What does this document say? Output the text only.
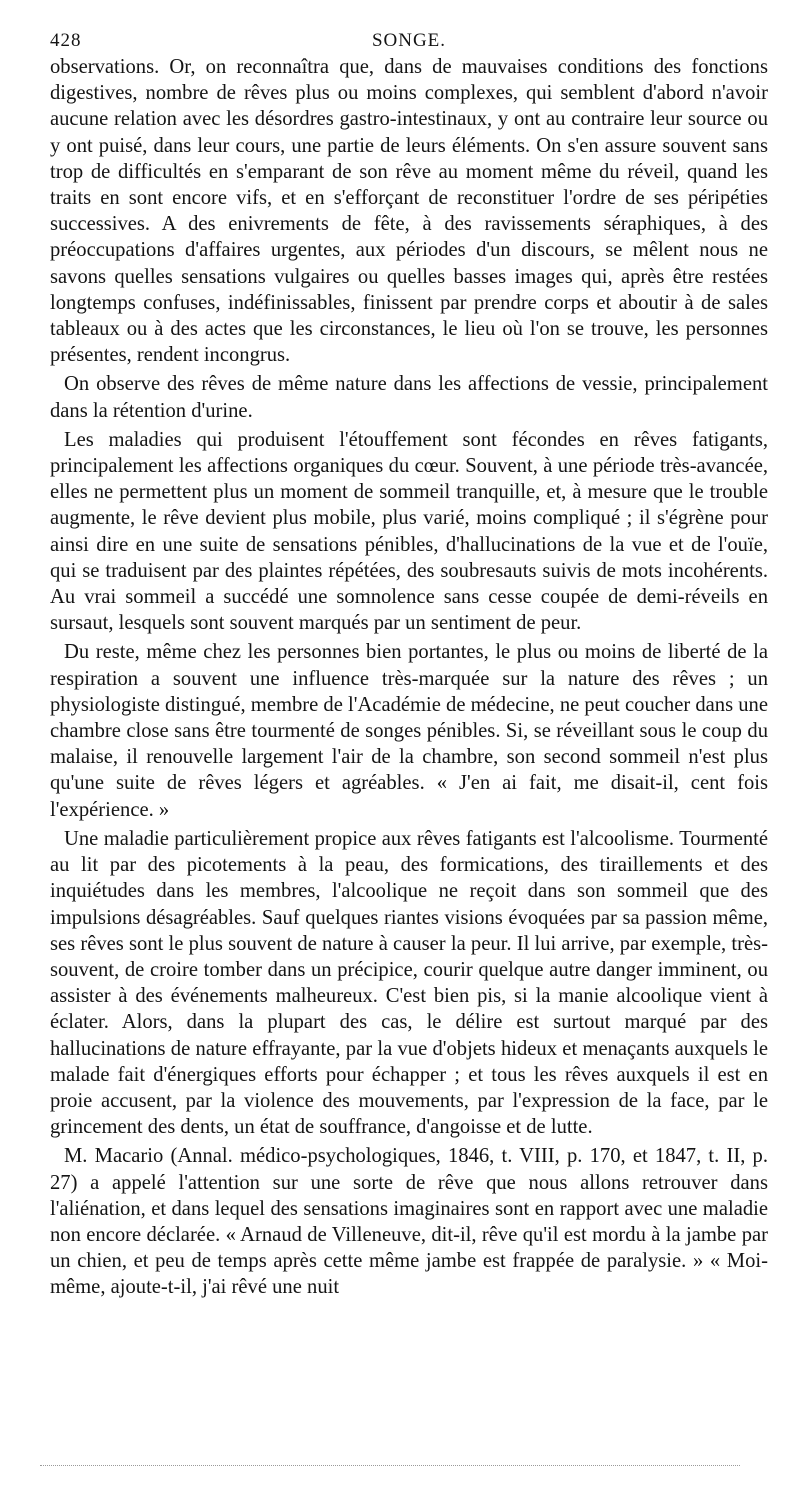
428	SONGE.

observations. Or, on reconnaîtra que, dans de mauvaises conditions des fonctions digestives, nombre de rêves plus ou moins complexes, qui semblent d'abord n'avoir aucune relation avec les désordres gastro-intestinaux, y ont au contraire leur source ou y ont puisé, dans leur cours, une partie de leurs éléments. On s'en assure souvent sans trop de difficultés en s'emparant de son rêve au moment même du réveil, quand les traits en sont encore vifs, et en s'efforçant de reconstituer l'ordre de ses péripéties successives. A des enivrements de fête, à des ravissements séraphiques, à des préoccupations d'affaires urgentes, aux périodes d'un discours, se mêlent nous ne savons quelles sensations vulgaires ou quelles basses images qui, après être restées longtemps confuses, indéfinissables, finissent par prendre corps et aboutir à de sales tableaux ou à des actes que les circonstances, le lieu où l'on se trouve, les personnes présentes, rendent incongrus.

On observe des rêves de même nature dans les affections de vessie, principalement dans la rétention d'urine.

Les maladies qui produisent l'étouffement sont fécondes en rêves fatigants, principalement les affections organiques du cœur. Souvent, à une période très-avancée, elles ne permettent plus un moment de sommeil tranquille, et, à mesure que le trouble augmente, le rêve devient plus mobile, plus varié, moins compliqué ; il s'égrène pour ainsi dire en une suite de sensations pénibles, d'hallucinations de la vue et de l'ouïe, qui se traduisent par des plaintes répétées, des soubresauts suivis de mots incohérents. Au vrai sommeil a succédé une somnolence sans cesse coupée de demi-réveils en sursaut, lesquels sont souvent marqués par un sentiment de peur.

Du reste, même chez les personnes bien portantes, le plus ou moins de liberté de la respiration a souvent une influence très-marquée sur la nature des rêves ; un physiologiste distingué, membre de l'Académie de médecine, ne peut coucher dans une chambre close sans être tourmenté de songes pénibles. Si, se réveillant sous le coup du malaise, il renouvelle largement l'air de la chambre, son second sommeil n'est plus qu'une suite de rêves légers et agréables. « J'en ai fait, me disait-il, cent fois l'expérience. »

Une maladie particulièrement propice aux rêves fatigants est l'alcoolisme. Tourmenté au lit par des picotements à la peau, des formications, des tiraillements et des inquiétudes dans les membres, l'alcoolique ne reçoit dans son sommeil que des impulsions désagréables. Sauf quelques riantes visions évoquées par sa passion même, ses rêves sont le plus souvent de nature à causer la peur. Il lui arrive, par exemple, très-souvent, de croire tomber dans un précipice, courir quelque autre danger imminent, ou assister à des événements malheureux. C'est bien pis, si la manie alcoolique vient à éclater. Alors, dans la plupart des cas, le délire est surtout marqué par des hallucinations de nature effrayante, par la vue d'objets hideux et menaçants auxquels le malade fait d'énergiques efforts pour échapper ; et tous les rêves auxquels il est en proie accusent, par la violence des mouvements, par l'expression de la face, par le grincement des dents, un état de souffrance, d'angoisse et de lutte.

M. Macario (Annal. médico-psychologiques, 1846, t. VIII, p. 170, et 1847, t. II, p. 27) a appelé l'attention sur une sorte de rêve que nous allons retrouver dans l'aliénation, et dans lequel des sensations imaginaires sont en rapport avec une maladie non encore déclarée. « Arnaud de Villeneuve, dit-il, rêve qu'il est mordu à la jambe par un chien, et peu de temps après cette même jambe est frappée de paralysie. » « Moi-même, ajoute-t-il, j'ai rêvé une nuit
